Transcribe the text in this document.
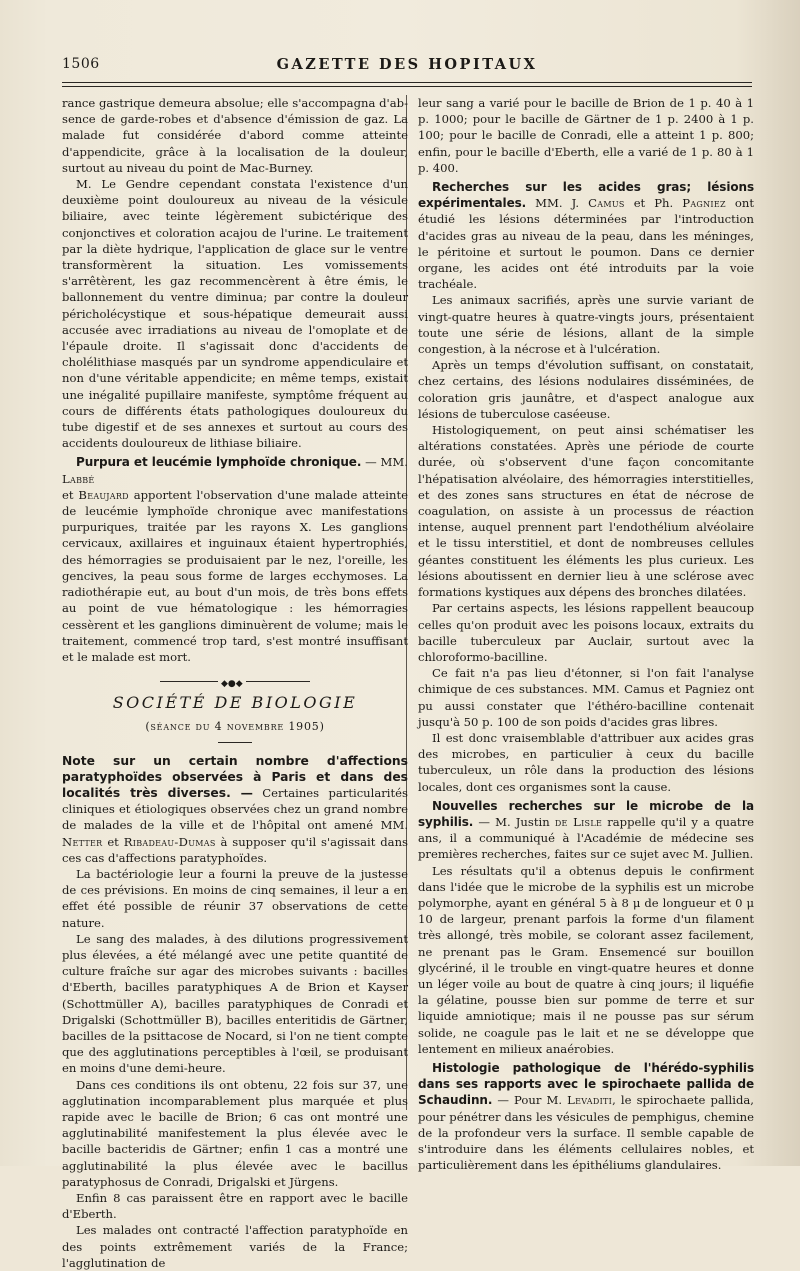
1506	GAZETTE DES HOPITAUX

rance gastrique demeura absolue; elle s'accompagna d'absence de garde-robes et d'absence d'émission de gaz. La malade fut considérée d'abord comme atteinte d'appendicite, grâce à la localisation de la douleur, surtout au niveau du point de Mac-Burney.

M. Le Gendre cependant constata l'existence d'un deuxième point douloureux au niveau de la vésicule biliaire, avec teinte légèrement subictérique des conjonctives et coloration acajou de l'urine. Le traitement par la diète hydrique, l'application de glace sur le ventre transformèrent la situation. Les vomissements s'arrêtèrent, les gaz recommencèrent à être émis, le ballonnement du ventre diminua; par contre la douleur péricholécystique et sous-hépatique demeurait aussi accusée avec irradiations au niveau de l'omoplate et de l'épaule droite. Il s'agissait donc d'accidents de cholélithiase masqués par un syndrome appendiculaire et non d'une véritable appendicite; en même temps, existait une inégalité pupillaire manifeste, symptôme fréquent au cours de différents états pathologiques douloureux du tube digestif et de ses annexes et surtout au cours des accidents douloureux de lithiase biliaire.

Purpura et leucémie lymphoïde chronique. — MM. Labbé
et Beaujard apportent l'observation d'une malade atteinte de leucémie lymphoïde chronique avec manifestations purpuriques, traitée par les rayons X. Les ganglions cervicaux, axillaires et inguinaux étaient hypertrophiés, des hémorragies se produisaient par le nez, l'oreille, les gencives, la peau sous forme de larges ecchymoses. La radiothérapie eut, au bout d'un mois, de très bons effets au point de vue hématologique : les hémorragies cessèrent et les ganglions diminuèrent de volume; mais le traitement, commencé trop tard, s'est montré insuffisant et le malade est mort.

◆●◆
SOCIÉTÉ DE BIOLOGIE
(séance du 4 novembre 1905)

Note sur un certain nombre d'affections paratyphoïdes observées à Paris et dans des localités très diverses. — Certaines particularités cliniques et étiologiques observées chez un grand nombre de malades de la ville et de l'hôpital ont amené MM. Netter et Ribadeau-Dumas à supposer qu'il s'agissait dans ces cas d'affections paratyphoïdes.

La bactériologie leur a fourni la preuve de la justesse de ces prévisions. En moins de cinq semaines, il leur a en effet été possible de réunir 37 observations de cette nature.

Le sang des malades, à des dilutions progressivement plus élevées, a été mélangé avec une petite quantité de culture fraîche sur agar des microbes suivants : bacilles d'Eberth, bacilles paratyphiques A de Brion et Kayser (Schottmüller A), bacilles paratyphiques de Conradi et Drigalski (Schottmüller B), bacilles enteritidis de Gärtner, bacilles de la psittacose de Nocard, si l'on ne tient compte que des agglutinations perceptibles à l'œil, se produisant en moins d'une demi-heure.

Dans ces conditions ils ont obtenu, 22 fois sur 37, une agglutination incomparablement plus marquée et plus rapide avec le bacille de Brion; 6 cas ont montré une agglutinabilité manifestement la plus élevée avec le bacille bacteridis de Gärtner; enfin 1 cas a montré une agglutinabilité la plus élevée avec le bacillus paratyphosus de Conradi, Drigalski et Jürgens.

Enfin 8 cas paraissent être en rapport avec le bacille d'Eberth.

Les malades ont contracté l'affection paratyphoïde en des points extrêmement variés de la France; l'agglutination de

leur sang a varié pour le bacille de Brion de 1 p. 40 à 1 p. 1000; pour le bacille de Gärtner de 1 p. 2400 à 1 p. 100; pour le bacille de Conradi, elle a atteint 1 p. 800; enfin, pour le bacille d'Eberth, elle a varié de 1 p. 80 à 1 p. 400.

Recherches sur les acides gras; lésions expérimentales. MM. J. Camus et Ph. Pagniez ont étudié les lésions déterminées par l'introduction d'acides gras au niveau de la peau, dans les méninges, le péritoine et surtout le poumon. Dans ce dernier organe, les acides ont été introduits par la voie trachéale.

Les animaux sacrifiés, après une survie variant de vingt-quatre heures à quatre-vingts jours, présentaient toute une série de lésions, allant de la simple congestion, à la nécrose et à l'ulcération.

Après un temps d'évolution suffisant, on constatait, chez certains, des lésions nodulaires disséminées, de coloration gris jaunâtre, et d'aspect analogue aux lésions de tuberculose caséeuse.

Histologiquement, on peut ainsi schématiser les altérations constatées. Après une période de courte durée, où s'observent d'une façon concomitante l'hépatisation alvéolaire, des hémorragies interstitielles, et des zones sans structures en état de nécrose de coagulation, on assiste à un processus de réaction intense, auquel prennent part l'endothélium alvéolaire et le tissu interstitiel, et dont de nombreuses cellules géantes constituent les éléments les plus curieux. Les lésions aboutissent en dernier lieu à une sclérose avec formations kystiques aux dépens des bronches dilatées.

Par certains aspects, les lésions rappellent beaucoup celles qu'on produit avec les poisons locaux, extraits du bacille tuberculeux par Auclair, surtout avec la chloroformo-bacilline.

Ce fait n'a pas lieu d'étonner, si l'on fait l'analyse chimique de ces substances. MM. Camus et Pagniez ont pu aussi constater que l'éthéro-bacilline contenait jusqu'à 50 p. 100 de son poids d'acides gras libres.

Il est donc vraisemblable d'attribuer aux acides gras des microbes, en particulier à ceux du bacille tuberculeux, un rôle dans la production des lésions locales, dont ces organismes sont la cause.

Nouvelles recherches sur le microbe de la syphilis. — M. Justin de Lisle rappelle qu'il y a quatre ans, il a communiqué à l'Académie de médecine ses premières recherches, faites sur ce sujet avec M. Jullien.

Les résultats qu'il a obtenus depuis le confirment dans l'idée que le microbe de la syphilis est un microbe polymorphe, ayant en général 5 à 8 μ de longueur et 0 μ 10 de largeur, prenant parfois la forme d'un filament très allongé, très mobile, se colorant assez facilement, ne prenant pas le Gram. Ensemencé sur bouillon glycériné, il le trouble en vingt-quatre heures et donne un léger voile au bout de quatre à cinq jours; il liquéfie la gélatine, pousse bien sur pomme de terre et sur liquide amniotique; mais il ne pousse pas sur sérum solide, ne coagule pas le lait et ne se développe que lentement en milieux anaérobies.

Histologie pathologique de l'hérédo-syphilis dans ses rapports avec le spirochaete pallida de Schaudinn. — Pour M. Levaditi, le spirochaete pallida, pour pénétrer dans les vésicules de pemphigus, chemine de la profondeur vers la surface. Il semble capable de s'introduire dans les éléments cellulaires nobles, et particulièrement dans les épithéliums glandulaires.
